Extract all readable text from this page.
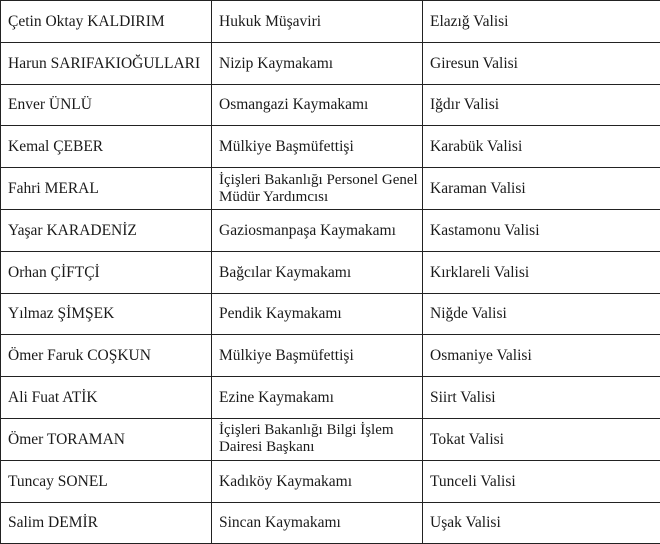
Çetin Oktay KALDIRIM	Hukuk Müşaviri	Elazığ Valisi
Harun SARIFAKIOĞULLARI	Nizip Kaymakamı	Giresun Valisi
Enver ÜNLÜ	Osmangazi Kaymakamı	Iğdır Valisi
Kemal ÇEBER	Mülkiye Başmüfettişi	Karabük Valisi
Fahri MERAL	İçişleri Bakanlığı Personel Genel Müdür Yardımcısı	Karaman Valisi
Yaşar KARADENİZ	Gaziosmanpaşa Kaymakamı	Kastamonu Valisi
Orhan ÇİFTÇİ	Bağcılar Kaymakamı	Kırklareli Valisi
Yılmaz ŞİMŞEK	Pendik Kaymakamı	Niğde Valisi
Ömer Faruk COŞKUN	Mülkiye Başmüfettişi	Osmaniye Valisi
Ali Fuat ATİK	Ezine Kaymakamı	Siirt Valisi
Ömer TORAMAN	İçişleri Bakanlığı Bilgi İşlem Dairesi Başkanı	Tokat Valisi
Tuncay SONEL	Kadıköy Kaymakamı	Tunceli Valisi
Salim DEMİR	Sincan Kaymakamı	Uşak Valisi
